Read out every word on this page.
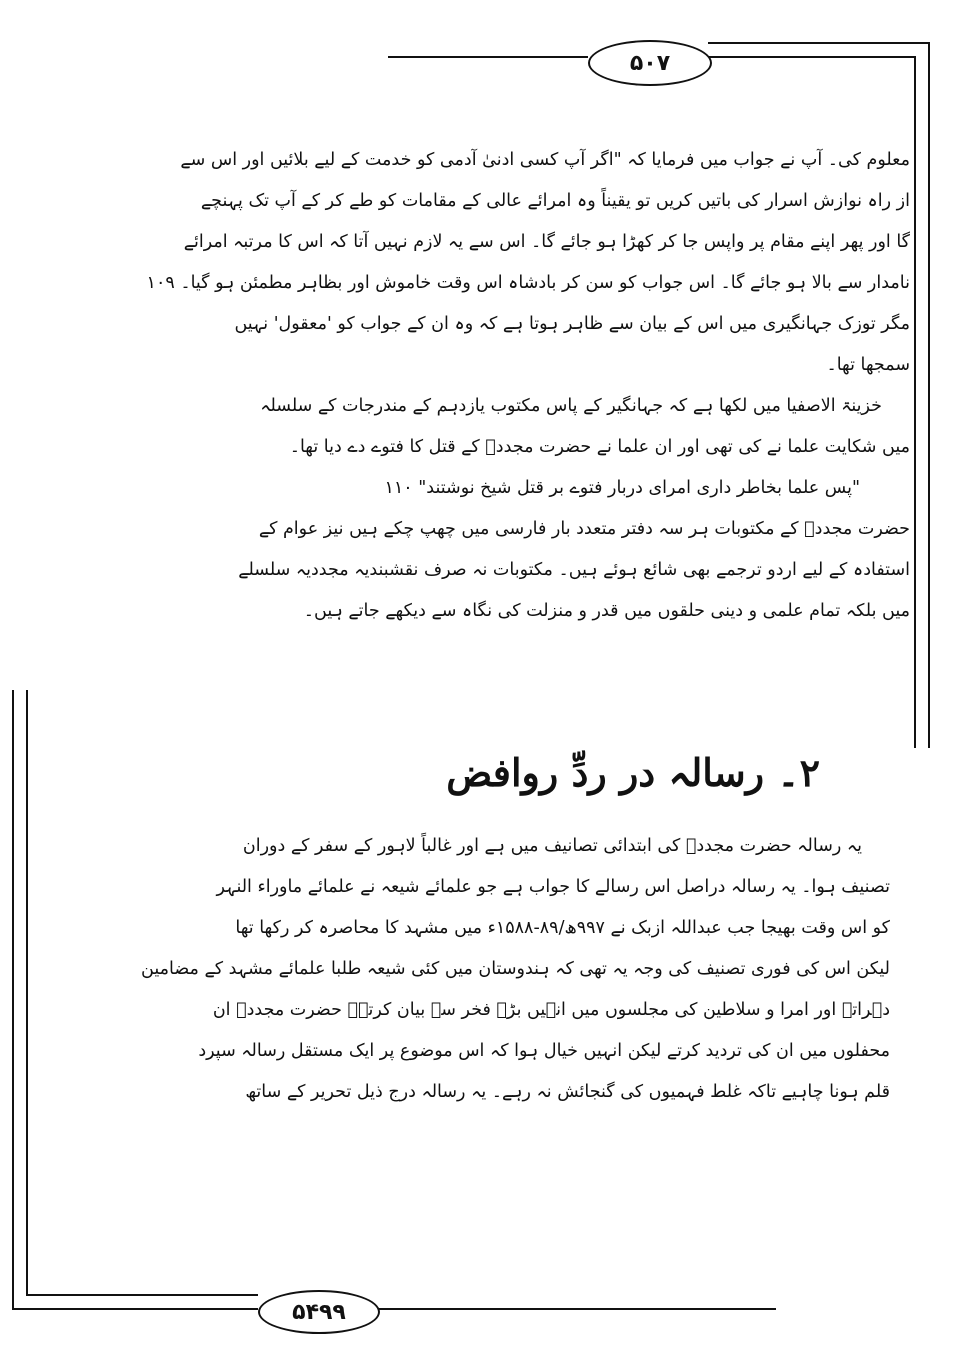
۵۰۷
۵۴۹۹

معلوم کی۔ آپ نے جواب میں فرمایا کہ "اگر آپ کسی ادنیٰ آدمی کو خدمت کے لیے بلائیں اور اس سے
از راہ نوازش اسرار کی باتیں کریں تو یقیناً وہ امرائے عالی کے مقامات کو طے کر کے آپ تک پہنچے
گا اور پھر اپنے مقام پر واپس جا کر کھڑا ہو جائے گا۔ اس سے یہ لازم نہیں آتا کہ اس کا مرتبہ امرائے
نامدار سے بالا ہو جائے گا۔ اس جواب کو سن کر بادشاہ اس وقت خاموش اور بظاہر مطمئن ہو گیا۔ ۱۰۹
مگر توزک جہانگیری میں اس کے بیان سے ظاہر ہوتا ہے کہ وہ ان کے جواب کو 'معقول' نہیں
سمجھا تھا۔

خزینۃ الاصفیا میں لکھا ہے کہ جہانگیر کے پاس مکتوب یازدہم کے مندرجات کے سلسلہ
میں شکایت علما نے کی تھی اور ان علما نے حضرت مجددؒ کے قتل کا فتوے دے دیا تھا۔

"پس علما بخاطر داری امرای دربار فتوے بر قتل شیخ نوشتند" ۱۱۰

حضرت مجددؒ کے مکتوبات ہر سہ دفتر متعدد بار فارسی میں چھپ چکے ہیں نیز عوام کے
استفادہ کے لیے اردو ترجمے بھی شائع ہوئے ہیں۔ مکتوبات نہ صرف نقشبندیہ مجددیہ سلسلے
میں بلکہ تمام علمی و دینی حلقوں میں قدر و منزلت کی نگاہ سے دیکھے جاتے ہیں۔

۲۔ رسالہ در ردِّ روافض

یہ رسالہ حضرت مجددؒ کی ابتدائی تصانیف میں ہے اور غالباً لاہور کے سفر کے دوران
تصنیف ہوا۔ یہ رسالہ دراصل اس رسالے کا جواب ہے جو علمائے شیعہ نے علمائے ماوراء النہر
کو اس وقت بھیجا جب عبداللہ ازبک نے ۹۹۷ھ/۸۹-۱۵۸۸ء میں مشہد کا محاصرہ کر رکھا تھا
لیکن اس کی فوری تصنیف کی وجہ یہ تھی کہ ہندوستان میں کئی شیعہ طلبا علمائے مشہد کے مضامین
دہراتے اور امرا و سلاطین کی مجلسوں میں انہیں بڑے فخر سے بیان کرتے۔ حضرت مجددؒ ان
محفلوں میں ان کی تردید کرتے لیکن انہیں خیال ہوا کہ اس موضوع پر ایک مستقل رسالہ سپرد
قلم ہونا چاہیے تاکہ غلط فہمیوں کی گنجائش نہ رہے۔ یہ رسالہ درج ذیل تحریر کے ساتھ
